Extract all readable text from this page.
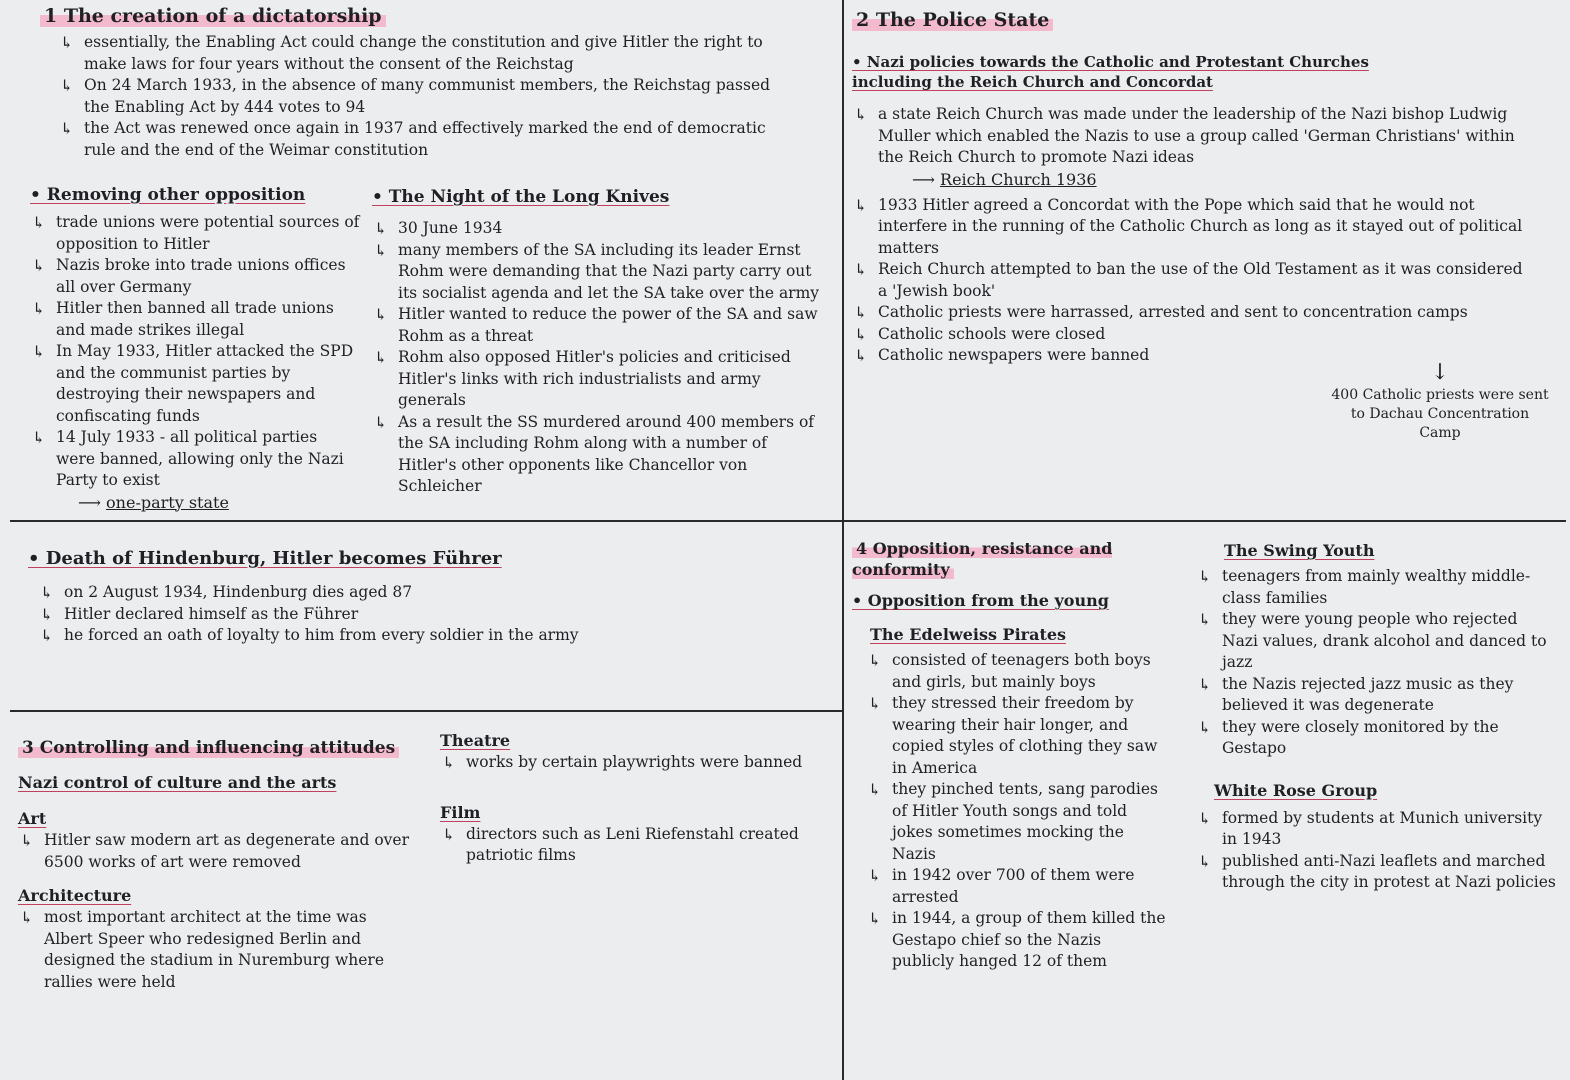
1 The creation of a dictatorship
↳ essentially, the Enabling Act could change the constitution and give Hitler the right to make laws for four years without the consent of the Reichstag
↳ On 24 March 1933, in the absence of many communist members, the Reichstag passed the Enabling Act by 444 votes to 94
↳ the Act was renewed once again in 1937 and effectively marked the end of democratic rule and the end of the Weimar constitution
• Removing other opposition
↳ trade unions were potential sources of opposition to Hitler
↳ Nazis broke into trade unions offices all over Germany
↳ Hitler then banned all trade unions and made strikes illegal
↳ In May 1933, Hitler attacked the SPD and the communist parties by destroying their newspapers and confiscating funds
↳ 14 July 1933 - all political parties were banned, allowing only the Nazi Party to exist
⟶ one-party state
• The Night of the Long Knives
↳ 30 June 1934
↳ many members of the SA including its leader Ernst Rohm were demanding that the Nazi party carry out its socialist agenda and let the SA take over the army
↳ Hitler wanted to reduce the power of the SA and saw Rohm as a threat
↳ Rohm also opposed Hitler's policies and criticised Hitler's links with rich industrialists and army generals
↳ As a result the SS murdered around 400 members of the SA including Rohm along with a number of Hitler's other opponents like Chancellor von Schleicher
2 The Police State
• Nazi policies towards the Catholic and Protestant Churches including the Reich Church and Concordat
↳ a state Reich Church was made under the leadership of the Nazi bishop Ludwig Muller which enabled the Nazis to use a group called 'German Christians' within the Reich Church to promote Nazi ideas
⟶ Reich Church 1936
↳ 1933 Hitler agreed a Concordat with the Pope which said that he would not interfere in the running of the Catholic Church as long as it stayed out of political matters
↳ Reich Church attempted to ban the use of the Old Testament as it was considered a 'Jewish book'
↳ Catholic priests were harrassed, arrested and sent to concentration camps
↳ Catholic schools were closed
↳ Catholic newspapers were banned
↓
400 Catholic priests were sent to Dachau Concentration Camp
• Death of Hindenburg, Hitler becomes Führer
↳ on 2 August 1934, Hindenburg dies aged 87
↳ Hitler declared himself as the Führer
↳ he forced an oath of loyalty to him from every soldier in the army
3 Controlling and influencing attitudes
Nazi control of culture and the arts
Art
↳ Hitler saw modern art as degenerate and over 6500 works of art were removed
Architecture
↳ most important architect at the time was Albert Speer who redesigned Berlin and designed the stadium in Nuremburg where rallies were held
Theatre
↳ works by certain playwrights were banned
Film
↳ directors such as Leni Riefenstahl created patriotic films
4 Opposition, resistance and conformity
• Opposition from the young
The Edelweiss Pirates
↳ consisted of teenagers both boys and girls, but mainly boys
↳ they stressed their freedom by wearing their hair longer, and copied styles of clothing they saw in America
↳ they pinched tents, sang parodies of Hitler Youth songs and told jokes sometimes mocking the Nazis
↳ in 1942 over 700 of them were arrested
↳ in 1944, a group of them killed the Gestapo chief so the Nazis publicly hanged 12 of them
The Swing Youth
↳ teenagers from mainly wealthy middle-class families
↳ they were young people who rejected Nazi values, drank alcohol and danced to jazz
↳ the Nazis rejected jazz music as they believed it was degenerate
↳ they were closely monitored by the Gestapo
White Rose Group
↳ formed by students at Munich university in 1943
↳ published anti-Nazi leaflets and marched through the city in protest at Nazi policies
